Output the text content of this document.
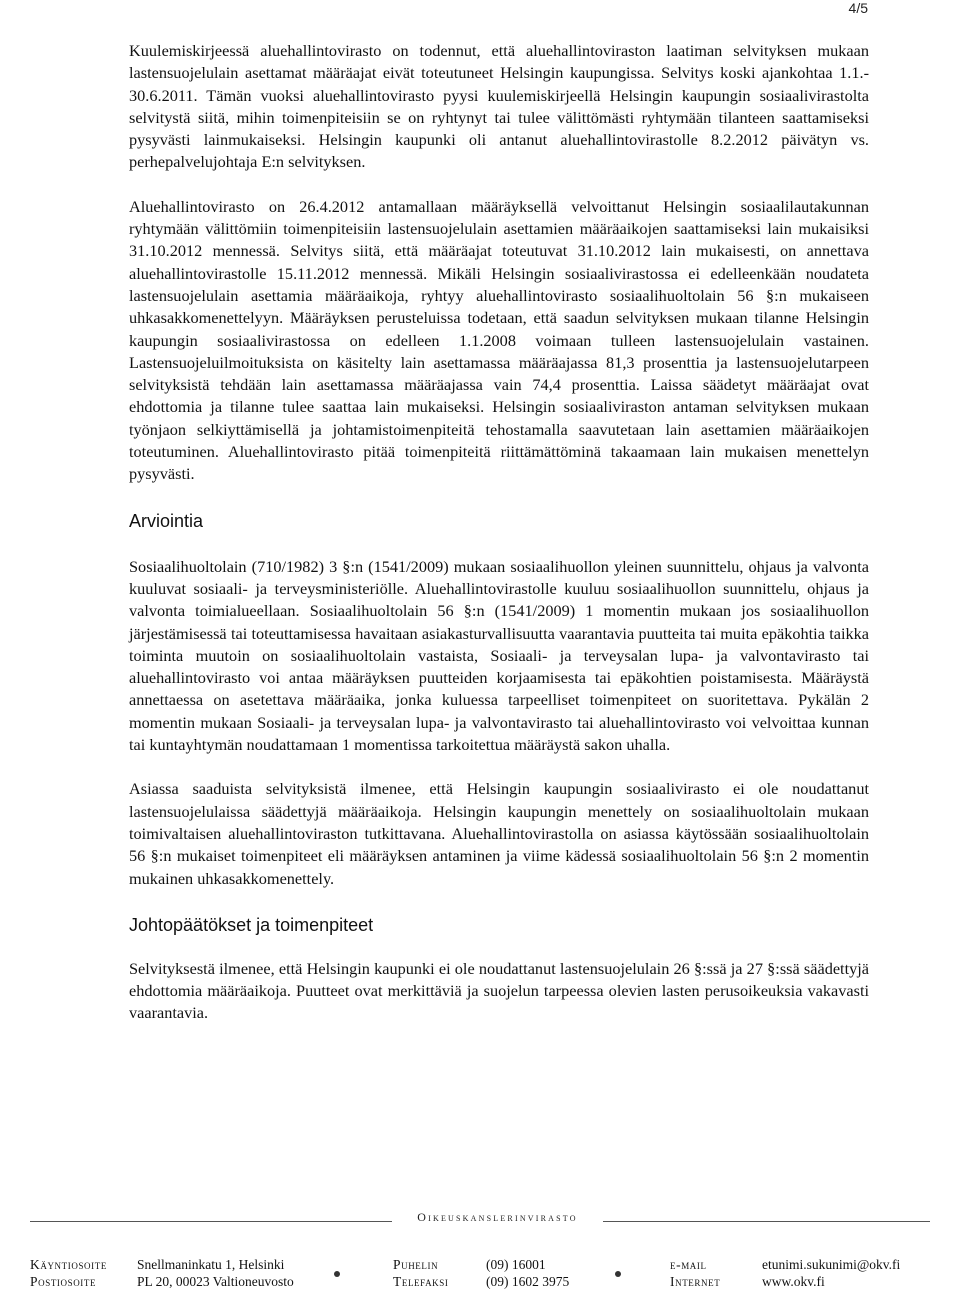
4/5

Kuulemiskirjeessä aluehallintovirasto on todennut, että aluehallintoviraston laatiman selvityksen mukaan lastensuojelulain asettamat määräajat eivät toteutuneet Helsingin kaupungissa. Selvitys koski ajankohtaa 1.1.- 30.6.2011. Tämän vuoksi aluehallintovirasto pyysi kuulemiskirjeellä Helsingin kaupungin sosiaalivirastolta selvitystä siitä, mihin toimenpiteisiin se on ryhtynyt tai tulee välittömästi ryhtymään tilanteen saattamiseksi pysyvästi lainmukaiseksi. Helsingin kaupunki oli antanut aluehallintovirastolle 8.2.2012 päivätyn vs. perhepalvelujohtaja E:n selvityksen.

Aluehallintovirasto on 26.4.2012 antamallaan määräyksellä velvoittanut Helsingin sosiaalilautakunnan ryhtymään välittömiin toimenpiteisiin lastensuojelulain asettamien määräaikojen saattamiseksi lain mukaisiksi 31.10.2012 mennessä. Selvitys siitä, että määräajat toteutuvat 31.10.2012 lain mukaisesti, on annettava aluehallintovirastolle 15.11.2012 mennessä. Mikäli Helsingin sosiaalivirastossa ei edelleenkään noudateta lastensuojelulain asettamia määräaikoja, ryhtyy aluehallintovirasto sosiaalihuoltolain 56 §:n mukaiseen uhkasakkomenettelyyn. Määräyksen perusteluissa todetaan, että saadun selvityksen mukaan tilanne Helsingin kaupungin sosiaalivirastossa on edelleen 1.1.2008 voimaan tulleen lastensuojelulain vastainen. Lastensuojeluilmoituksista on käsitelty lain asettamassa määräajassa 81,3 prosenttia ja lastensuojelutarpeen selvityksistä tehdään lain asettamassa määräajassa vain 74,4 prosenttia. Laissa säädetyt määräajat ovat ehdottomia ja tilanne tulee saattaa lain mukaiseksi. Helsingin sosiaaliviraston antaman selvityksen mukaan työnjaon selkiyttämisellä ja johtamistoimenpiteitä tehostamalla saavutetaan lain asettamien määräaikojen toteutuminen. Aluehallintovirasto pitää toimenpiteitä riittämättöminä takaamaan lain mukaisen menettelyn pysyvästi.

Arviointia

Sosiaalihuoltolain (710/1982) 3 §:n (1541/2009) mukaan sosiaalihuollon yleinen suunnittelu, ohjaus ja valvonta kuuluvat sosiaali- ja terveysministeriölle. Aluehallintovirastolle kuuluu sosiaalihuollon suunnittelu, ohjaus ja valvonta toimialueellaan. Sosiaalihuoltolain 56 §:n (1541/2009) 1 momentin mukaan jos sosiaalihuollon järjestämisessä tai toteuttamisessa havaitaan asiakasturvallisuutta vaarantavia puutteita tai muita epäkohtia taikka toiminta muutoin on sosiaalihuoltolain vastaista, Sosiaali- ja terveysalan lupa- ja valvontavirasto tai aluehallintovirasto voi antaa määräyksen puutteiden korjaamisesta tai epäkohtien poistamisesta. Määräystä annettaessa on asetettava määräaika, jonka kuluessa tarpeelliset toimenpiteet on suoritettava. Pykälän 2 momentin mukaan Sosiaali- ja terveysalan lupa- ja valvontavirasto tai aluehallintovirasto voi velvoittaa kunnan tai kuntayhtymän noudattamaan 1 momentissa tarkoitettua määräystä sakon uhalla.

Asiassa saaduista selvityksistä ilmenee, että Helsingin kaupungin sosiaalivirasto ei ole noudattanut lastensuojelulaissa säädettyjä määräaikoja. Helsingin kaupungin menettely on sosiaalihuoltolain mukaan toimivaltaisen aluehallintoviraston tutkittavana. Aluehallintovirastolla on asiassa käytössään sosiaalihuoltolain 56 §:n mukaiset toimenpiteet eli määräyksen antaminen ja viime kädessä sosiaalihuoltolain 56 §:n 2 momentin mukainen uhkasakkomenettely.

Johtopäätökset ja toimenpiteet

Selvityksestä ilmenee, että Helsingin kaupunki ei ole noudattanut lastensuojelulain 26 §:ssä ja 27 §:ssä säädettyjä ehdottomia määräaikoja. Puutteet ovat merkittäviä ja suojelun tarpeessa olevien lasten perusoikeuksia vakavasti vaarantavia.

Oikeuskanslerinvirasto
Käyntiosoite Snellmaninkatu 1, Helsinki
Postiosoite	PL 20, 00023 Valtioneuvosto
Puhelin	(09) 16001
Telefaksi	(09) 1602 3975
e-mail	etunimi.sukunimi@okv.fi
Internet	www.okv.fi
